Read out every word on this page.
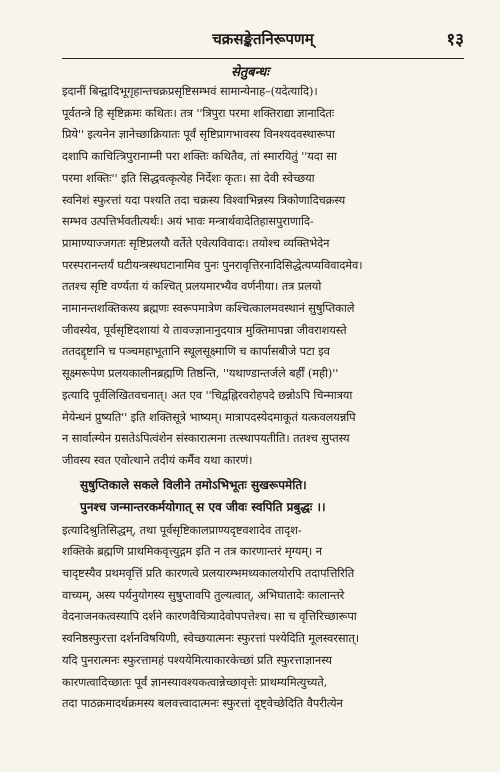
चक्रसङ्केतनिरूपणम्	१३
सेतुबन्धः
इदानीं बिन्द्वादिभूगृहान्तचक्रप्रसृष्टिसम्भवं सामान्येनाह–(यदेत्यादि)।
पूर्वतन्त्रे हि सृष्टिक्रमः कथितः। तत्र ''त्रिपुरा परमा शक्तिराद्या ज्ञानादितः
प्रिये'' इत्यनेन ज्ञानेच्छाक्रियातः पूर्वं सृष्टिप्रागभावस्य विनश्यदवस्थारूपा
दशापि काचित्त्रिपुरानाम्नी परा शक्तिः कथितैव, तां स्मारयितुं ''यदा सा
परमा शक्तिः'' इति सिद्धवत्कृत्येह निर्देशः कृतः। सा देवी स्वेच्छया
स्वनिशं स्फुरत्तां यदा पश्यति तदा चक्रस्य विश्वाभिन्नस्य त्रिकोणादिचक्रस्य
सम्भव उत्पत्तिर्भवतीत्यर्थः। अयं भावः मन्त्रार्थवादेतिहासपुराणादि-
प्रामाण्याज्जगतः सृष्टिप्रलयौ वर्तेते एवेत्यविवादः। तयोश्च व्यक्तिभेदेन
परस्परानन्तर्यं घटीयन्त्रस्थघटानामिव पुनः पुनरावृत्तिरनादिसिद्धेत्यप्यविवादमेव।
ततश्च सृष्टि वर्ण्यता यं कश्चित् प्रलयमारभ्यैव वर्णनीया। तत्र प्रलयो
नामानन्तशक्तिकस्य ब्रह्मणः स्वरूपमात्रेण कश्चित्कालमवस्थानं सुषुप्तिकाले
जीवस्येव, पूर्वसृष्टिदशायां ये तावज्ज्ञानानुदयात्र मुक्तिमापन्ना जीवराशयस्ते
ततदद्दृष्टानि च पञ्चमहाभूतानि स्थूलसूक्ष्माणि च कार्पासबीजे पटा इव
सूक्ष्मरूपेण प्रलयकालीनब्रह्मणि तिष्ठन्ति, ''यथाण्डान्तर्जले बर्हीं (मही)''
इत्यादि पूर्वलिखितवचनात्। अत एव ''चिद्वह्निरवरोहपदे छन्नोऽपि चिन्मात्रया
मेयेन्धनं प्रुष्यति'' इति शक्तिसूत्रे भाष्यम्। मात्रापदस्येदमाकूतं यत्कवलयन्नपि
न सार्वात्म्येन ग्रसतेऽपित्वंशेन संस्कारात्मना तत्स्थापयतीति। ततश्च सुप्तस्य
जीवस्य स्वत एवोत्थाने तदीयं कर्मैव यथा कारणं।
सुषुप्तिकाले सकले विलीने तमोऽभिभूतः सुखरूपमेति।
पुनश्च जन्मान्तरकर्मयोगात् स एव जीवः स्वपिति प्रबुद्धः ।।
इत्यादिश्रुतिसिद्धम्, तथा पूर्वसृष्टिकालप्राण्यदृष्टवशादेव तादृश-
शक्तिके ब्रह्मणि प्राथमिकवृत्त्युद्गम इति न तत्र कारणान्तरं मृग्यम्। न
चादृष्टस्यैव प्रथमवृत्तिं प्रति कारणत्वे प्रलयारम्भमध्यकालयोरपि तदापत्तिरिति
वाच्यम्, अस्य पर्यनुयोगस्य सुषुप्तावपि तुल्यत्वात्, अभिघातादेः कालान्तरे
वेदनाजनकत्वस्यापि दर्शने कारणवैचित्र्यादेवोपपत्तेश्च। सा च वृत्तिरिच्छारूपा
स्वनिष्ठस्फुरत्ता दर्शनविषयिणी, स्वेच्छयात्मनः स्फुरत्तां पश्येदिति मूलस्वरसात्।
यदि पुनरात्मनः स्फुरत्तामहं पश्ययेमित्याकारकेच्छां प्रति स्फुरत्ताज्ञानस्य
कारणत्वादिच्छातः पूर्वं ज्ञानस्यावश्यकत्वान्नेच्छावृत्तेः प्राथम्यमित्युच्यते,
तदा पाठक्रमादर्थक्रमस्य बलवत्त्वादात्मनः स्फुरत्तां दृष्ट्वेच्छेदिति वैपरीत्येन
